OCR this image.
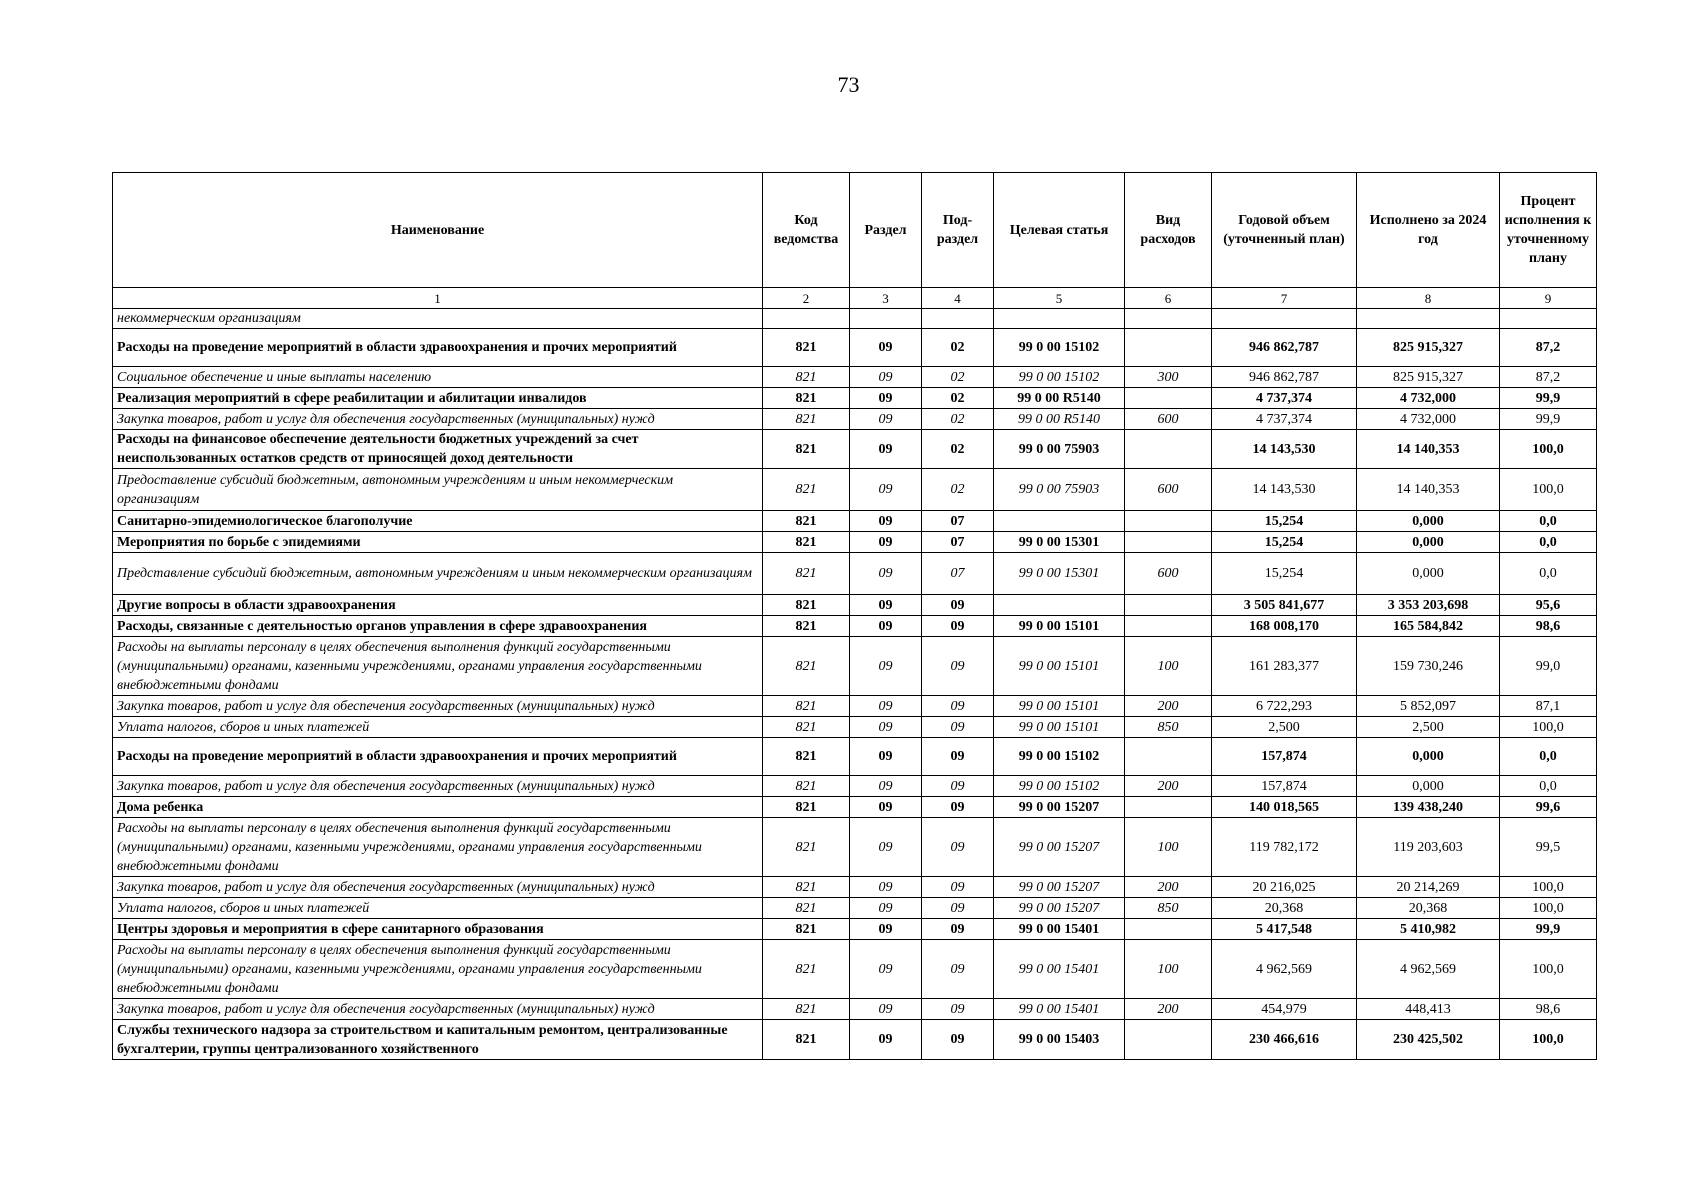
73
Наименование	Код ведомства	Раздел	Под-раздел	Целевая статья	Вид расходов	Годовой объем (уточненный план)	Исполнено за 2024 год	Процент исполнения к уточненному плану
1	2	3	4	5	6	7	8	9
некоммерческим организациям								
Расходы на проведение мероприятий в области здравоохранения и прочих мероприятий	821	09	02	99 0 00 15102		946 862,787	825 915,327	87,2
Социальное обеспечение и иные выплаты населению	821	09	02	99 0 00 15102	300	946 862,787	825 915,327	87,2
Реализация мероприятий в сфере реабилитации и абилитации инвалидов	821	09	02	99 0 00 R5140		4 737,374	4 732,000	99,9
Закупка товаров, работ и услуг для обеспечения государственных (муниципальных) нужд	821	09	02	99 0 00 R5140	600	4 737,374	4 732,000	99,9
Расходы на финансовое обеспечение деятельности бюджетных учреждений за счет неиспользованных остатков средств от приносящей доход деятельности	821	09	02	99 0 00 75903		14 143,530	14 140,353	100,0
Предоставление субсидий бюджетным, автономным учреждениям и иным некоммерческим организациям	821	09	02	99 0 00 75903	600	14 143,530	14 140,353	100,0
Санитарно-эпидемиологическое благополучие	821	09	07			15,254	0,000	0,0
Мероприятия по борьбе с эпидемиями	821	09	07	99 0 00 15301		15,254	0,000	0,0
Представление субсидий бюджетным, автономным учреждениям и иным некоммерческим организациям	821	09	07	99 0 00 15301	600	15,254	0,000	0,0
Другие вопросы в области здравоохранения	821	09	09			3 505 841,677	3 353 203,698	95,6
Расходы, связанные с деятельностью органов управления в сфере здравоохранения	821	09	09	99 0 00 15101		168 008,170	165 584,842	98,6
Расходы на выплаты персоналу в целях обеспечения выполнения функций государственными (муниципальными) органами, казенными учреждениями, органами управления государственными внебюджетными фондами	821	09	09	99 0 00 15101	100	161 283,377	159 730,246	99,0
Закупка товаров, работ и услуг для обеспечения государственных (муниципальных) нужд	821	09	09	99 0 00 15101	200	6 722,293	5 852,097	87,1
Уплата налогов, сборов и иных платежей	821	09	09	99 0 00 15101	850	2,500	2,500	100,0
Расходы на проведение мероприятий в области здравоохранения и прочих мероприятий	821	09	09	99 0 00 15102		157,874	0,000	0,0
Закупка товаров, работ и услуг для обеспечения государственных (муниципальных) нужд	821	09	09	99 0 00 15102	200	157,874	0,000	0,0
Дома ребенка	821	09	09	99 0 00 15207		140 018,565	139 438,240	99,6
Расходы на выплаты персоналу в целях обеспечения выполнения функций государственными (муниципальными) органами, казенными учреждениями, органами управления государственными внебюджетными фондами	821	09	09	99 0 00 15207	100	119 782,172	119 203,603	99,5
Закупка товаров, работ и услуг для обеспечения государственных (муниципальных) нужд	821	09	09	99 0 00 15207	200	20 216,025	20 214,269	100,0
Уплата налогов, сборов и иных платежей	821	09	09	99 0 00 15207	850	20,368	20,368	100,0
Центры здоровья и мероприятия в сфере санитарного образования	821	09	09	99 0 00 15401		5 417,548	5 410,982	99,9
Расходы на выплаты персоналу в целях обеспечения выполнения функций государственными (муниципальными) органами, казенными учреждениями, органами управления государственными внебюджетными фондами	821	09	09	99 0 00 15401	100	4 962,569	4 962,569	100,0
Закупка товаров, работ и услуг для обеспечения государственных (муниципальных) нужд	821	09	09	99 0 00 15401	200	454,979	448,413	98,6
Службы технического надзора за строительством и капитальным ремонтом, централизованные бухгалтерии, группы централизованного хозяйственного	821	09	09	99 0 00 15403		230 466,616	230 425,502	100,0
